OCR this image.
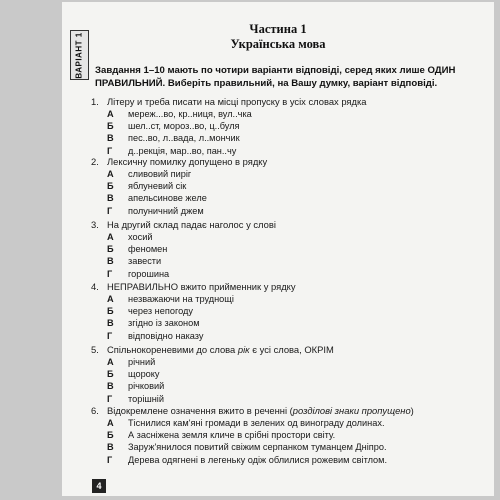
ВАРІАНТ 1
Частина 1
Українська мова
Завдання 1–10 мають по чотири варіанти відповіді, серед яких лише ОДИН ПРАВИЛЬНИЙ. Виберіть правильний, на Вашу думку, варіант відповіді.
1. Літеру и треба писати на місці пропуску в усіх словах рядка
А	мереж...во, кр..ниця, вул..чка
Б	шел..ст, мороз..во, ц..буля
В	пес..во, л..вада, л..мончик
Г	д..рекція, мар..во, пан..чу
2. Лексичну помилку допущено в рядку
А	сливовий пиріг
Б	яблуневий сік
В	апельсинове желе
Г	полуничний джем
3. На другий склад падає наголос у слові
А	хосий
Б	феномен
В	завести
Г	горошина
4. НЕПРАВИЛЬНО вжито прийменник у рядку
А	незважаючи на труднощі
Б	через непогоду
В	згідно із законом
Г	відповідно наказу
5. Спільнокореневими до слова рік є усі слова, ОКРІМ
А	річний
Б	щороку
В	річковий
Г	торішній
6. Відокремлене означення вжито в реченні (розділові знаки пропущено)
А	Тіснилися кам'яні громади в зелених од виноградy долинах.
Б	А заснiжена земля кличе в срібні простори світу.
В	Заруж'янилося повитий свіжим серпанком туманцем Дніпро.
Г	Дерева одягнені в легеньку одіж облилися рожевим світлом.
4
